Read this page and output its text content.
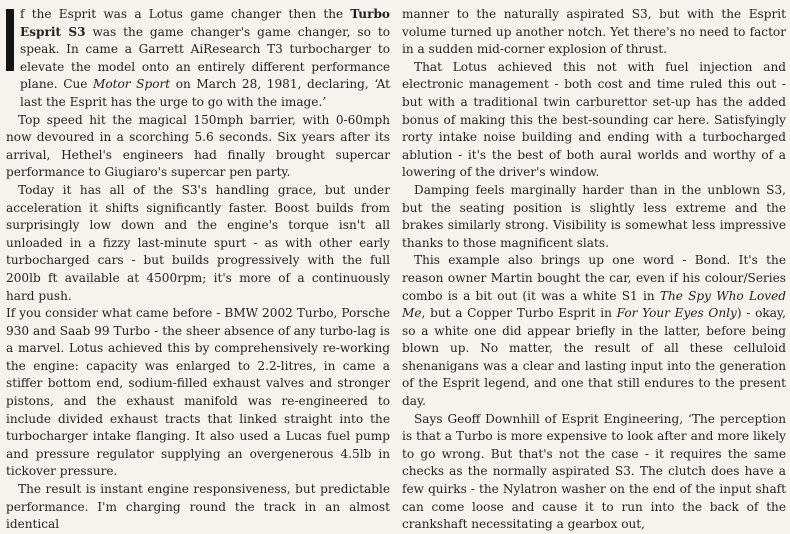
f the Esprit was a Lotus game changer then the Turbo Esprit S3 was the game changer's game changer, so to speak. In came a Garrett AiResearch T3 turbocharger to elevate the model onto an entirely different performance plane. Cue Motor Sport on March 28, 1981, declaring, ‘At last the Esprit has the urge to go with the image.’

Top speed hit the magical 150mph barrier, with 0-60mph now devoured in a scorching 5.6 seconds. Six years after its arrival, Hethel's engineers had finally brought supercar performance to Giugiaro's supercar pen party.

Today it has all of the S3's handling grace, but under acceleration it shifts significantly faster. Boost builds from surprisingly low down and the engine's torque isn't all unloaded in a fizzy last-minute spurt - as with other early turbocharged cars - but builds progressively with the full 200lb ft available at 4500rpm; it's more of a continuously hard push.

If you consider what came before - BMW 2002 Turbo, Porsche 930 and Saab 99 Turbo - the sheer absence of any turbo-lag is a marvel. Lotus achieved this by comprehensively re-working the engine: capacity was enlarged to 2.2-litres, in came a stiffer bottom end, sodium-filled exhaust valves and stronger pistons, and the exhaust manifold was re-engineered to include divided exhaust tracts that linked straight into the turbocharger intake flanging. It also used a Lucas fuel pump and pressure regulator supplying an overgenerous 4.5lb in tickover pressure.

The result is instant engine responsiveness, but predictable performance. I'm charging round the track in an almost identical

manner to the naturally aspirated S3, but with the Esprit volume turned up another notch. Yet there's no need to factor in a sudden mid-corner explosion of thrust.

That Lotus achieved this not with fuel injection and electronic management - both cost and time ruled this out - but with a traditional twin carburettor set-up has the added bonus of making this the best-sounding car here. Satisfyingly rorty intake noise building and ending with a turbocharged ablution - it's the best of both aural worlds and worthy of a lowering of the driver's window.

Damping feels marginally harder than in the unblown S3, but the seating position is slightly less extreme and the brakes similarly strong. Visibility is somewhat less impressive thanks to those magnificent slats.

This example also brings up one word - Bond. It's the reason owner Martin bought the car, even if his colour/Series combo is a bit out (it was a white S1 in The Spy Who Loved Me, but a Copper Turbo Esprit in For Your Eyes Only) - okay, so a white one did appear briefly in the latter, before being blown up. No matter, the result of all these celluloid shenanigans was a clear and lasting input into the generation of the Esprit legend, and one that still endures to the present day.

Says Geoff Downhill of Esprit Engineering, ‘The perception is that a Turbo is more expensive to look after and more likely to go wrong. But that's not the case - it requires the same checks as the normally aspirated S3. The clutch does have a few quirks - the Nylatron washer on the end of the input shaft can come loose and cause it to run into the back of the crankshaft necessitating a gearbox out,
